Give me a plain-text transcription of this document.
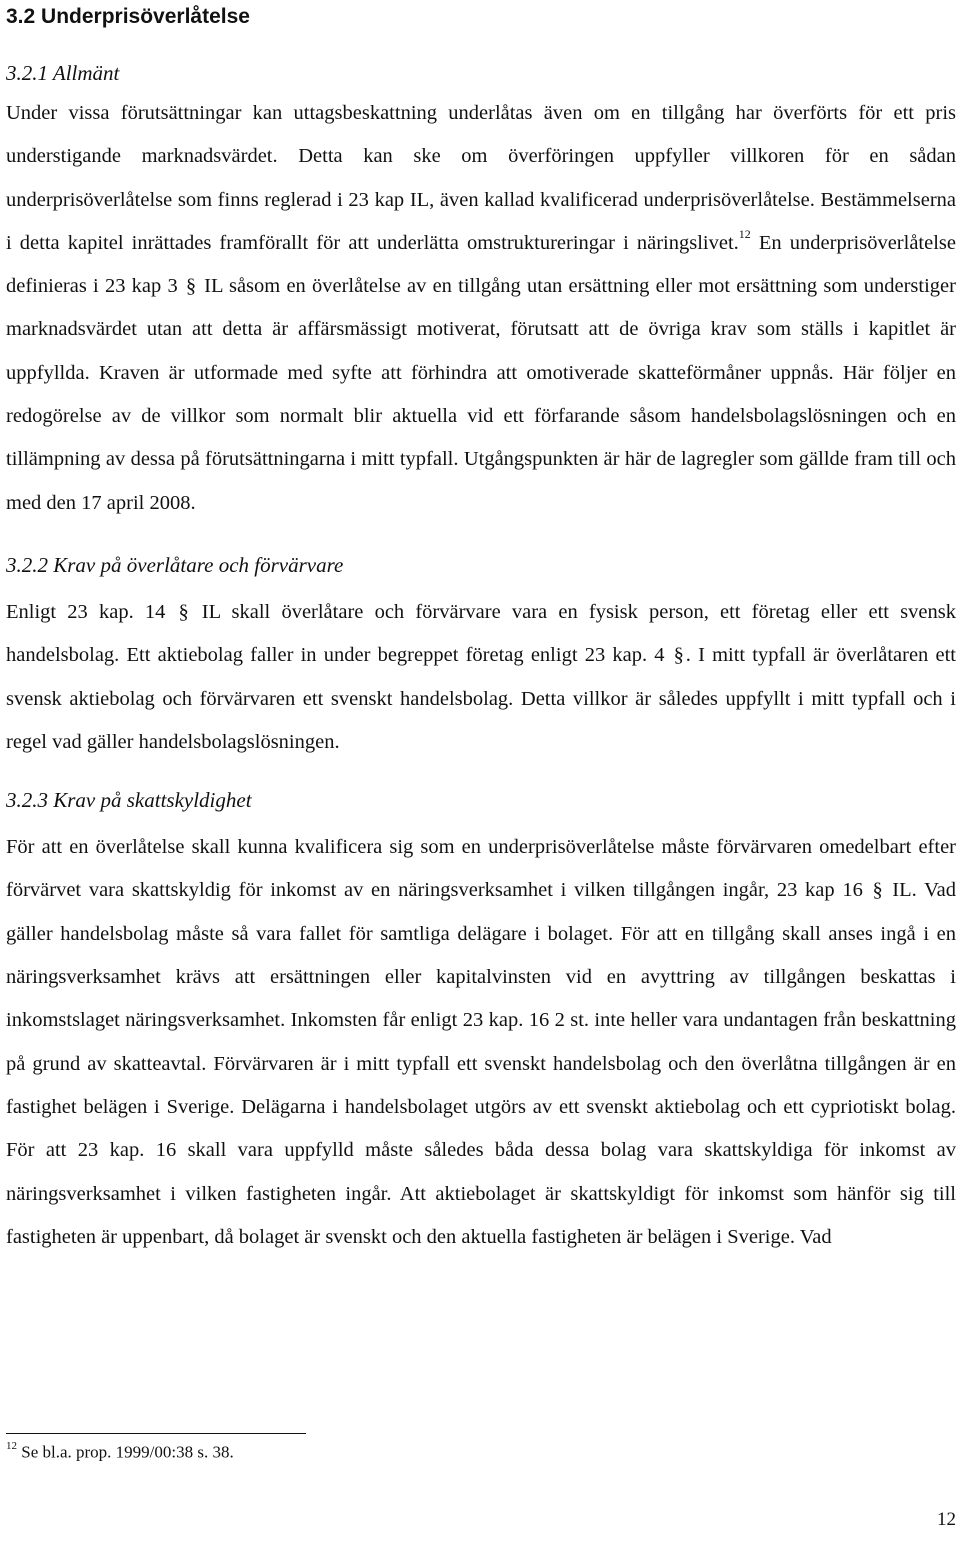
3.2 Underprisöverlåtelse
3.2.1 Allmänt

Under vissa förutsättningar kan uttagsbeskattning underlåtas även om en tillgång har överförts för ett pris understigande marknadsvärdet. Detta kan ske om överföringen uppfyller villkoren för en sådan underprisöverlåtelse som finns reglerad i 23 kap IL, även kallad kvalificerad underprisöverlåtelse. Bestämmelserna i detta kapitel inrättades framförallt för att underlätta omstruktureringar i näringslivet.$^{12}$ En underprisöverlåtelse definieras i 23 kap 3 § IL såsom en överlåtelse av en tillgång utan ersättning eller mot ersättning som understiger marknadsvärdet utan att detta är affärsmässigt motiverat, förutsatt att de övriga krav som ställs i kapitlet är uppfyllda. Kraven är utformade med syfte att förhindra att omotiverade skatteförmåner uppnås. Här följer en redogörelse av de villkor som normalt blir aktuella vid ett förfarande såsom handelsbolagslösningen och en tillämpning av dessa på förutsättningarna i mitt typfall. Utgångspunkten är här de lagregler som gällde fram till och med den 17 april 2008.

3.2.2 Krav på överlåtare och förvärvare

Enligt 23 kap. 14 § IL skall överlåtare och förvärvare vara en fysisk person, ett företag eller ett svensk handelsbolag. Ett aktiebolag faller in under begreppet företag enligt 23 kap. 4 §. I mitt typfall är överlåtaren ett svensk aktiebolag och förvärvaren ett svenskt handelsbolag. Detta villkor är således uppfyllt i mitt typfall och i regel vad gäller handelsbolagslösningen.

3.2.3 Krav på skattskyldighet

För att en överlåtelse skall kunna kvalificera sig som en underprisöverlåtelse måste förvärvaren omedelbart efter förvärvet vara skattskyldig för inkomst av en näringsverksamhet i vilken tillgången ingår, 23 kap 16 § IL. Vad gäller handelsbolag måste så vara fallet för samtliga delägare i bolaget. För att en tillgång skall anses ingå i en näringsverksamhet krävs att ersättningen eller kapitalvinsten vid en avyttring av tillgången beskattas i inkomstslaget näringsverksamhet. Inkomsten får enligt 23 kap. 16 2 st. inte heller vara undantagen från beskattning på grund av skatteavtal. Förvärvaren är i mitt typfall ett svenskt handelsbolag och den överlåtna tillgången är en fastighet belägen i Sverige. Delägarna i handelsbolaget utgörs av ett svenskt aktiebolag och ett cypriotiskt bolag. För att 23 kap. 16 skall vara uppfylld måste således båda dessa bolag vara skattskyldiga för inkomst av näringsverksamhet i vilken fastigheten ingår. Att aktiebolaget är skattskyldigt för inkomst som hänför sig till fastigheten är uppenbart, då bolaget är svenskt och den aktuella fastigheten är belägen i Sverige. Vad

$^{12}$ Se bl.a. prop. 1999/00:38 s. 38.
12
